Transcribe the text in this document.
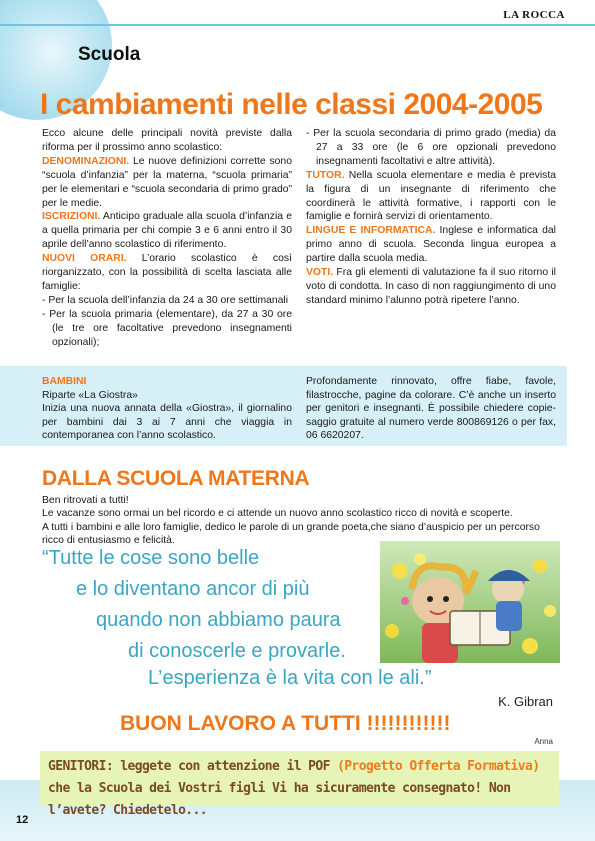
LA ROCCA
Scuola
I cambiamenti nelle classi 2004-2005

Ecco alcune delle principali novità previste dalla riforma per il prossimo anno scolastico:

DENOMINAZIONI. Le nuove definizioni corrette sono “scuola d’infanzia” per la materna, “scuola primaria” per le elementari e “scuola secondaria di primo grado” per le medie.

ISCRIZIONI. Anticipo graduale alla scuola d’infanzia e a quella primaria per chi compie 3 e 6 anni entro il 30 aprile dell’anno scolastico di riferimento.

NUOVI ORARI. L’orario scolastico è così riorganizzato, con la possibilità di scelta lasciata alle famiglie:

- Per la scuola dell’infanzia da 24 a 30 ore settimanali

- Per la scuola primaria (elementare), da 27 a 30 ore (le tre ore facoltative prevedono insegnamenti opzionali);

- Per la scuola secondaria di primo grado (media) da 27 a 33 ore (le 6 ore opzionali prevedono insegnamenti facoltativi e altre attività).

TUTOR. Nella scuola elementare e media è prevista la figura di un insegnante di riferimento che coordinerà le attività formative, i rapporti con le famiglie e fornirà servizi di orientamento.

LINGUE E INFORMATICA. Inglese e informatica dal primo anno di scuola. Seconda lingua europea a partire dalla scuola media.

VOTI. Fra gli elementi di valutazione fa il suo ritorno il voto di condotta. In caso di non raggiungimento di uno standard minimo l’alunno potrà ripetere l’anno.

BAMBINI
Riparte «La Giostra»
Inizia una nuova annata della «Giostra», il giornalino per bambini dai 3 ai 7 anni che viaggia in contemporanea con l’anno scolastico.
Profondamente rinnovato, offre fiabe, favole, filastrocche, pagine da colorare. C’è anche un inserto per genitori e insegnanti. È possibile chiedere copie-saggio gratuite al numero verde 800869126 o per fax, 06 6620207.
DALLA SCUOLA MATERNA

Ben ritrovati a tutti!

Le vacanze sono ormai un bel ricordo e ci attende un nuovo anno scolastico ricco di novità e scoperte.

A tutti i bambini e alle loro famiglie, dedico le parole di un grande poeta,che siano d’auspicio per un percorso ricco di entusiasmo e felicità.

“Tutte le cose sono belle
e lo diventano ancor di più
quando non abbiamo paura
di conoscerle e provarle.
L’esperienza è la vita con le ali.”
K. Gibran
BUON LAVORO A TUTTI !!!!!!!!!!!!
Anna
GENITORI: leggete con attenzione il POF (Progetto Offerta Formativa) che la Scuola dei Vostri figli Vi ha sicuramente consegnato! Non l’avete? Chiedetelo...
12
